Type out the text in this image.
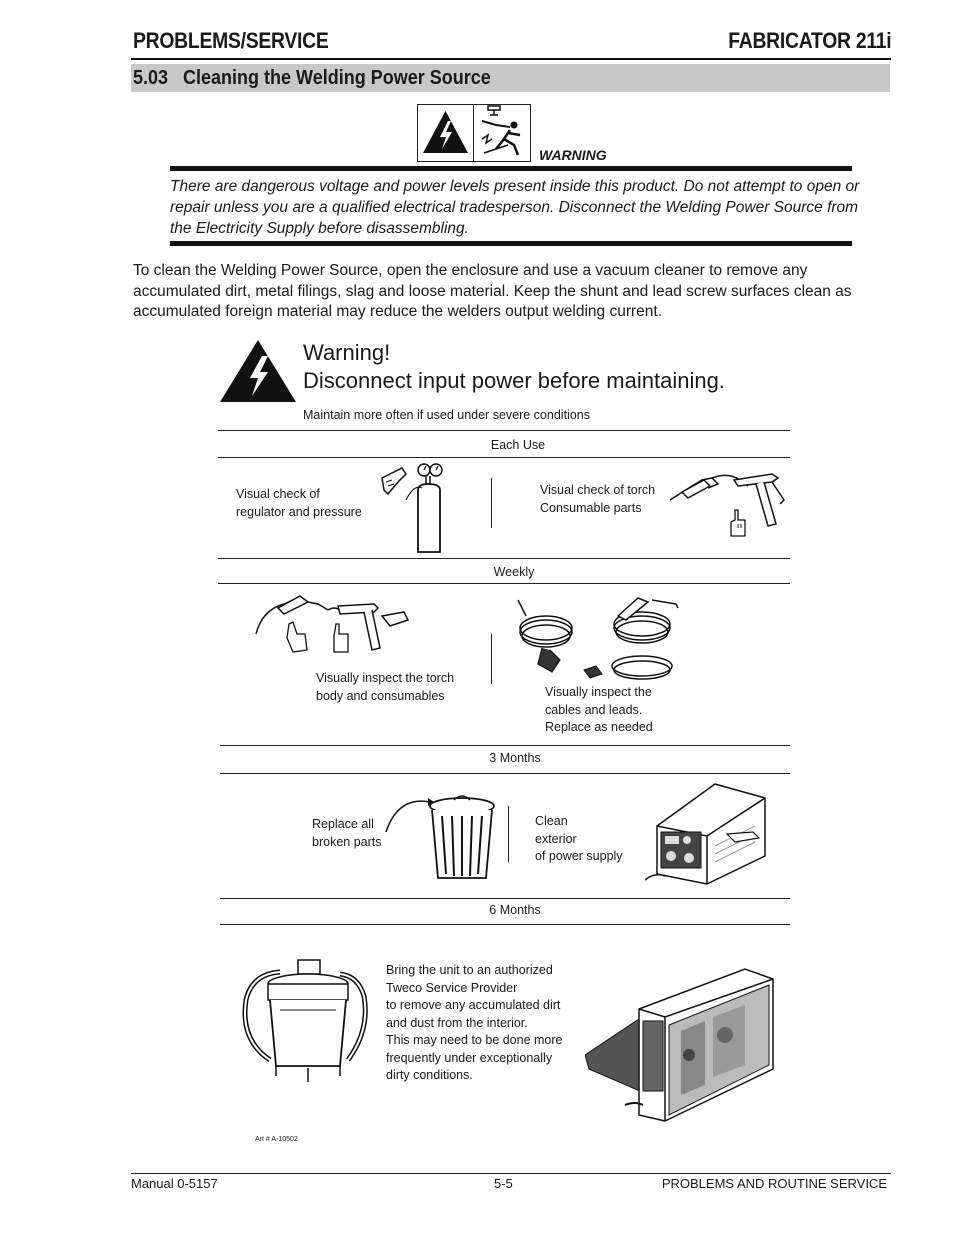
PROBLEMS/SERVICE	FABRICATOR 211i
5.03   Cleaning the Welding Power Source
WARNING
There are dangerous voltage and power levels present inside this product. Do not attempt to open or repair unless you are a qualified electrical tradesperson. Disconnect the Welding Power Source from the Electricity Supply before disassembling.
To clean the Welding Power Source, open the enclosure and use a vacuum cleaner to remove any accumulated dirt, metal filings, slag and loose material. Keep the shunt and lead screw surfaces clean as accumulated foreign material may reduce the welders output welding current.
Warning!
Disconnect input power before maintaining.
Maintain more often if used under severe conditions
Each Use
Visual check of
regulator and pressure
Visual check of torch
Consumable parts
Weekly
Visually inspect the torch
body and consumables	Visually inspect the
cables and leads.
Replace as needed
3 Months
Replace all
broken parts
Clean
exterior
of power supply
6 Months
Bring the unit to an authorized
Tweco Service Provider
to remove any accumulated dirt
and dust from the interior.
This may need to be done more
frequently under exceptionally
dirty conditions.
Art # A-10502
Manual 0-5157	5-5	PROBLEMS AND ROUTINE SERVICE
